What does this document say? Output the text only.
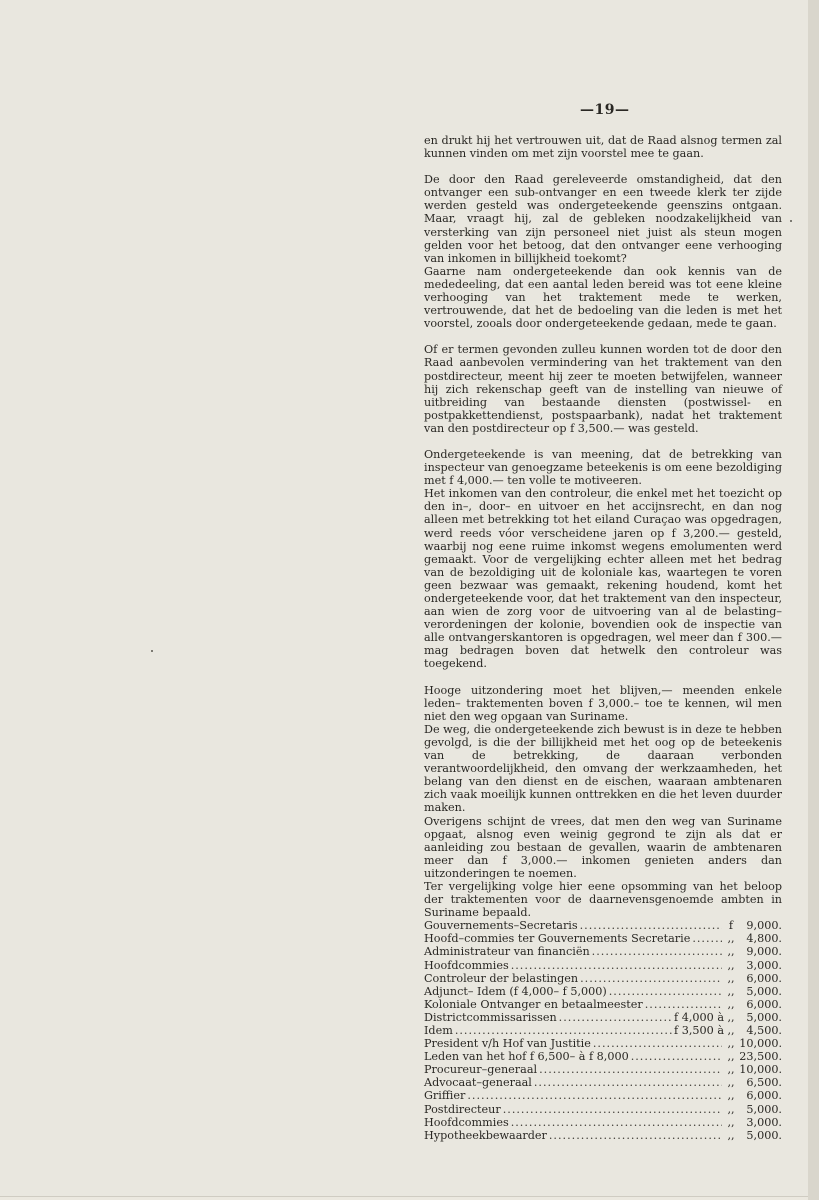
—19—

en drukt hij het vertrouwen uit, dat de Raad alsnog termen zal kunnen vinden om met zijn voorstel mee te gaan.

De door den Raad gereleveerde omstandigheid, dat den ontvanger een sub-ontvanger en een tweede klerk ter zijde werden gesteld was ondergeteekende geenszins ontgaan. Maar, vraagt hij, zal de gebleken noodzakelijkheid van versterking van zijn personeel niet juist als steun mogen gelden voor het betoog, dat den ontvanger eene verhooging van inkomen in billijkheid toekomt?

Gaarne nam ondergeteekende dan ook kennis van de mededeeling, dat een aantal leden bereid was tot eene kleine verhooging van het traktement mede te werken, vertrouwende, dat het de bedoeling van die leden is met het voorstel, zooals door ondergeteekende gedaan, mede te gaan.

Of er termen gevonden zulleu kunnen worden tot de door den Raad aanbevolen vermindering van het traktement van den postdirecteur, meent hij zeer te moeten betwijfelen, wanneer hij zich rekenschap geeft van de instelling van nieuwe of uitbreiding van bestaande diensten (postwissel- en postpakkettendienst, postspaarbank), nadat het traktement van den postdirecteur op f 3,500.— was gesteld.

Ondergeteekende is van meening, dat de betrekking van inspecteur van genoegzame beteekenis is om eene bezoldiging met f 4,000.— ten volle te motiveeren.

Het inkomen van den controleur, die enkel met het toezicht op den in–, door– en uitvoer en het accijnsrecht, en dan nog alleen met betrekking tot het eiland Curaçao was opgedragen, werd reeds vóor verscheidene jaren op f 3,200.— gesteld, waarbij nog eene ruime inkomst wegens emolumenten werd gemaakt. Voor de vergelijking echter alleen met het bedrag van de bezoldiging uit de koloniale kas, waartegen te voren geen bezwaar was gemaakt, rekening houdend, komt het ondergeteekende voor, dat het traktement van den inspecteur, aan wien de zorg voor de uitvoering van al de belasting–verordeningen der kolonie, bovendien ook de inspectie van alle ontvangerskantoren is opgedragen, wel meer dan f 300.— mag bedragen boven dat hetwelk den controleur was toegekend.

Hooge uitzondering moet het blijven,— meenden enkele leden– traktementen boven f 3,000.– toe te kennen, wil men niet den weg opgaan van Suriname.

De weg, die ondergeteekende zich bewust is in deze te hebben gevolgd, is die der billijkheid met het oog op de beteekenis van de betrekking, de daaraan verbonden verantwoordelijkheid, den omvang der werkzaamheden, het belang van den dienst en de eischen, waaraan ambtenaren zich vaak moeilijk kunnen onttrekken en die het leven duurder maken.

Overigens schijnt de vrees, dat men den weg van Suriname opgaat, alsnog even weinig gegrond te zijn als dat er aanleiding zou bestaan de gevallen, waarin de ambtenaren meer dan f 3,000.— inkomen genieten anders dan uitzonderingen te noemen.

Ter vergelijking volge hier eene opsomming van het beloop der traktementen voor de daarnevensgenoemde ambten in Suriname bepaald.

Gouvernements–Secretaris .....	f	9,000.
Hoofd–commies ter Gouvernements Secretarie .....	,,	4,800.
Administrateur van financiën .....	,,	9,000.
Hoofdcommies .....	,,	3,000.
Controleur der belastingen .....	,,	6,000.
Adjunct– Idem (f 4,000– f 5,000) .....	,,	5,000.
Koloniale Ontvanger en betaalmeester .....	,,	6,000.
Districtcommissarissen .....	f 4,000 à ,,	5,000.
Idem .....	f 3,500 à ,,	4,500.
President v/h Hof van Justitie .....	,, 10,000.
Leden van het hof f 6,500– à f 8,000 .....	,, 23,500.
Procureur–generaal .....	,, 10,000.
Advocaat–generaal .....	,,	6,500.
Griffier .....	,,	6,000.
Postdirecteur .....	,,	5,000.
Hoofdcommies .....	,,	3,000.
Hypotheekbewaarder .....	,,	5,000.
